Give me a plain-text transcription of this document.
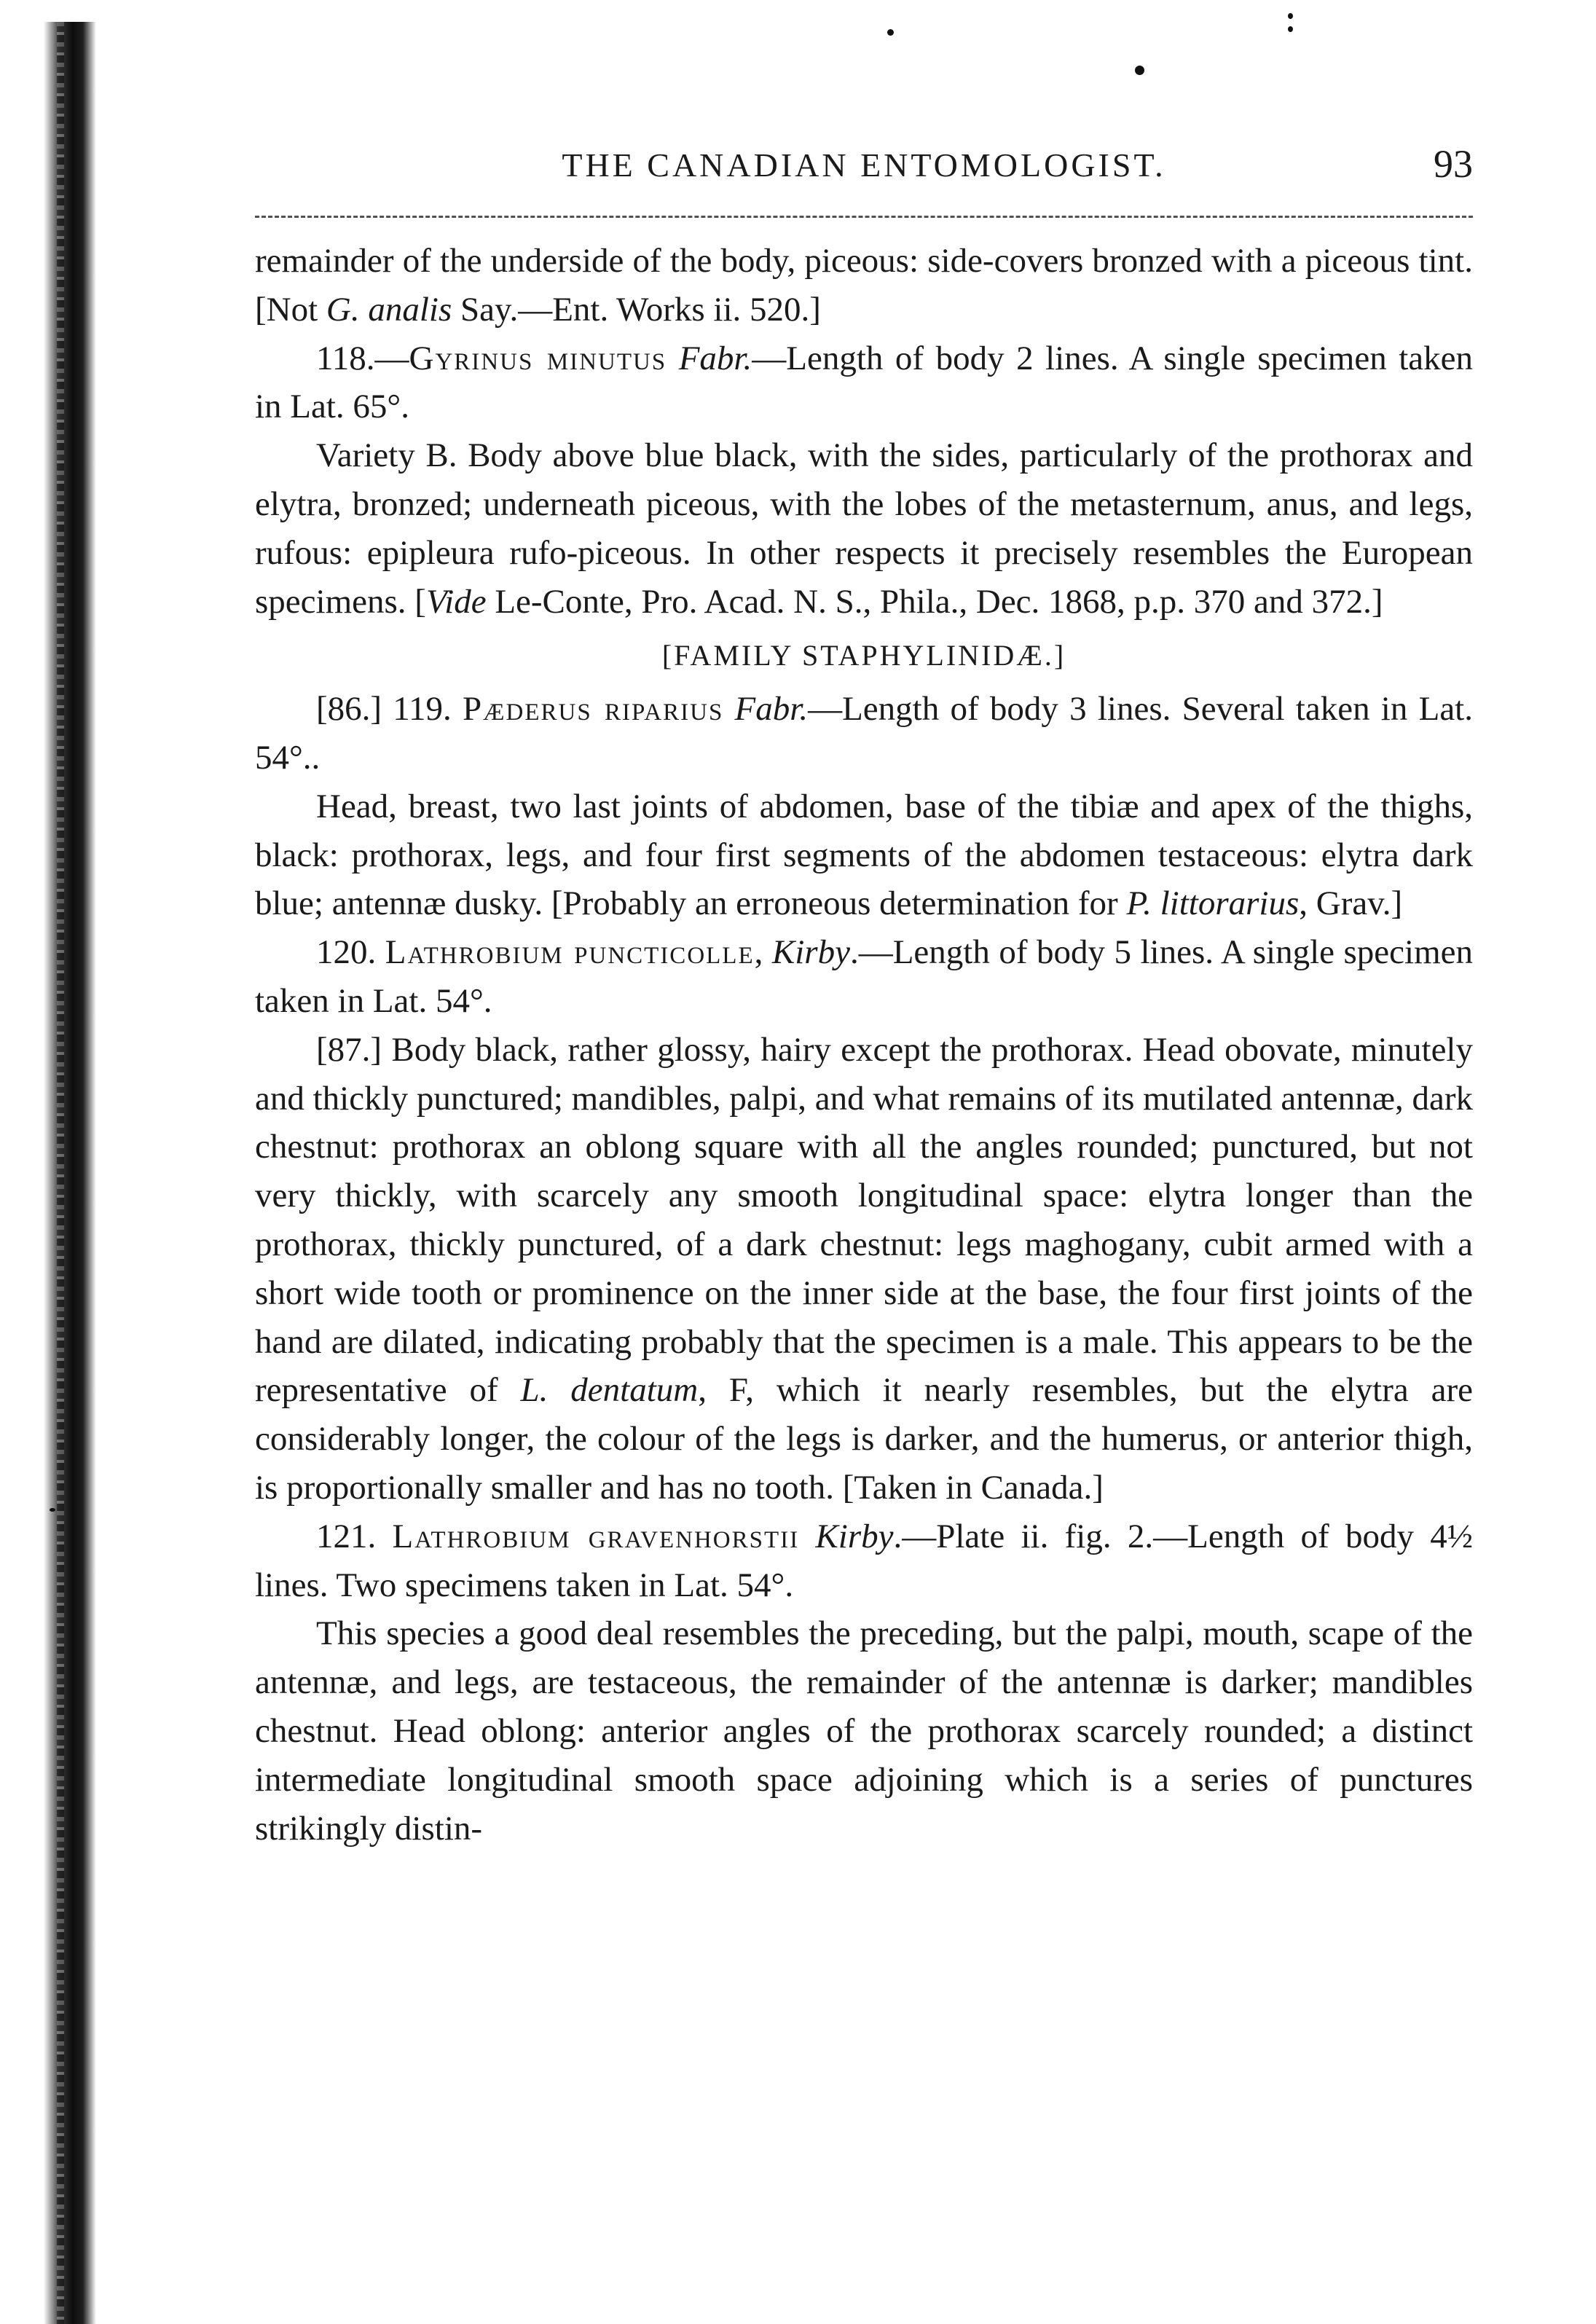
THE CANADIAN ENTOMOLOGIST.	93

remainder of the underside of the body, piceous: side-covers bronzed with a piceous tint. [Not G. analis Say.—Ent. Works ii. 520.]

118.—Gyrinus minutus Fabr.—Length of body 2 lines. A single specimen taken in Lat. 65°.

Variety B. Body above blue black, with the sides, particularly of the prothorax and elytra, bronzed; underneath piceous, with the lobes of the metasternum, anus, and legs, rufous: epipleura rufo-piceous. In other respects it precisely resembles the European specimens. [Vide Le-Conte, Pro. Acad. N. S., Phila., Dec. 1868, p.p. 370 and 372.]

[FAMILY STAPHYLINIDÆ.]

[86.] 119. Pæderus riparius Fabr.—Length of body 3 lines. Several taken in Lat. 54°..

Head, breast, two last joints of abdomen, base of the tibiæ and apex of the thighs, black: prothorax, legs, and four first segments of the abdomen testaceous: elytra dark blue; antennæ dusky. [Probably an erroneous determination for P. littorarius, Grav.]

120. Lathrobium puncticolle, Kirby.—Length of body 5 lines. A single specimen taken in Lat. 54°.

[87.] Body black, rather glossy, hairy except the prothorax. Head obovate, minutely and thickly punctured; mandibles, palpi, and what remains of its mutilated antennæ, dark chestnut: prothorax an oblong square with all the angles rounded; punctured, but not very thickly, with scarcely any smooth longitudinal space: elytra longer than the prothorax, thickly punctured, of a dark chestnut: legs maghogany, cubit armed with a short wide tooth or prominence on the inner side at the base, the four first joints of the hand are dilated, indicating probably that the specimen is a male. This appears to be the representative of L. dentatum, F, which it nearly resembles, but the elytra are considerably longer, the colour of the legs is darker, and the humerus, or anterior thigh, is proportionally smaller and has no tooth. [Taken in Canada.]

121. Lathrobium gravenhorstii Kirby.—Plate ii. fig. 2.—Length of body 4½ lines. Two specimens taken in Lat. 54°.

This species a good deal resembles the preceding, but the palpi, mouth, scape of the antennæ, and legs, are testaceous, the remainder of the antennæ is darker; mandibles chestnut. Head oblong: anterior angles of the prothorax scarcely rounded; a distinct intermediate longitudinal smooth space adjoining which is a series of punctures strikingly distin-
